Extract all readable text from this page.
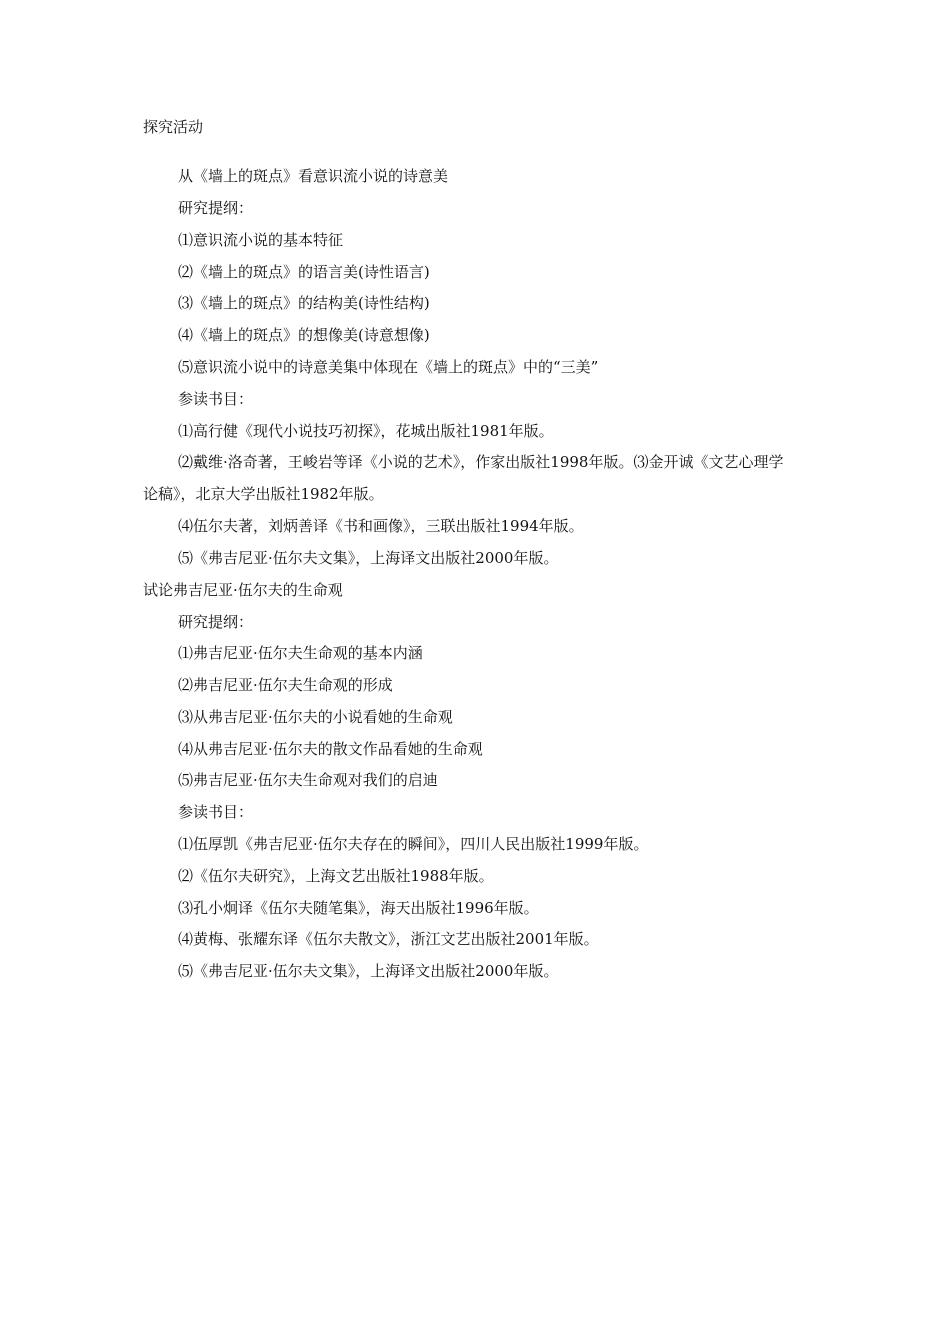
探究活动
从《墙上的斑点》看意识流小说的诗意美
研究提纲：
⑴意识流小说的基本特征
⑵《墙上的斑点》的语言美(诗性语言)
⑶《墙上的斑点》的结构美(诗性结构)
⑷《墙上的斑点》的想像美(诗意想像)
⑸意识流小说中的诗意美集中体现在《墙上的斑点》中的“三美”
参读书目：
⑴高行健《现代小说技巧初探》，花城出版社1981年版。
⑵戴维·洛奇著，王峻岩等译《小说的艺术》，作家出版社1998年版。⑶金开诚《文艺心理学论稿》，北京大学出版社1982年版。
⑷伍尔夫著，刘炳善译《书和画像》，三联出版社1994年版。
⑸《弗吉尼亚·伍尔夫文集》，上海译文出版社2000年版。
试论弗吉尼亚·伍尔夫的生命观
研究提纲：
⑴弗吉尼亚·伍尔夫生命观的基本内涵
⑵弗吉尼亚·伍尔夫生命观的形成
⑶从弗吉尼亚·伍尔夫的小说看她的生命观
⑷从弗吉尼亚·伍尔夫的散文作品看她的生命观
⑸弗吉尼亚·伍尔夫生命观对我们的启迪
参读书目：
⑴伍厚凯《弗吉尼亚·伍尔夫存在的瞬间》，四川人民出版社1999年版。
⑵《伍尔夫研究》，上海文艺出版社1988年版。
⑶孔小炯译《伍尔夫随笔集》，海天出版社1996年版。
⑷黄梅、张耀东译《伍尔夫散文》，浙江文艺出版社2001年版。
⑸《弗吉尼亚·伍尔夫文集》，上海译文出版社2000年版。
